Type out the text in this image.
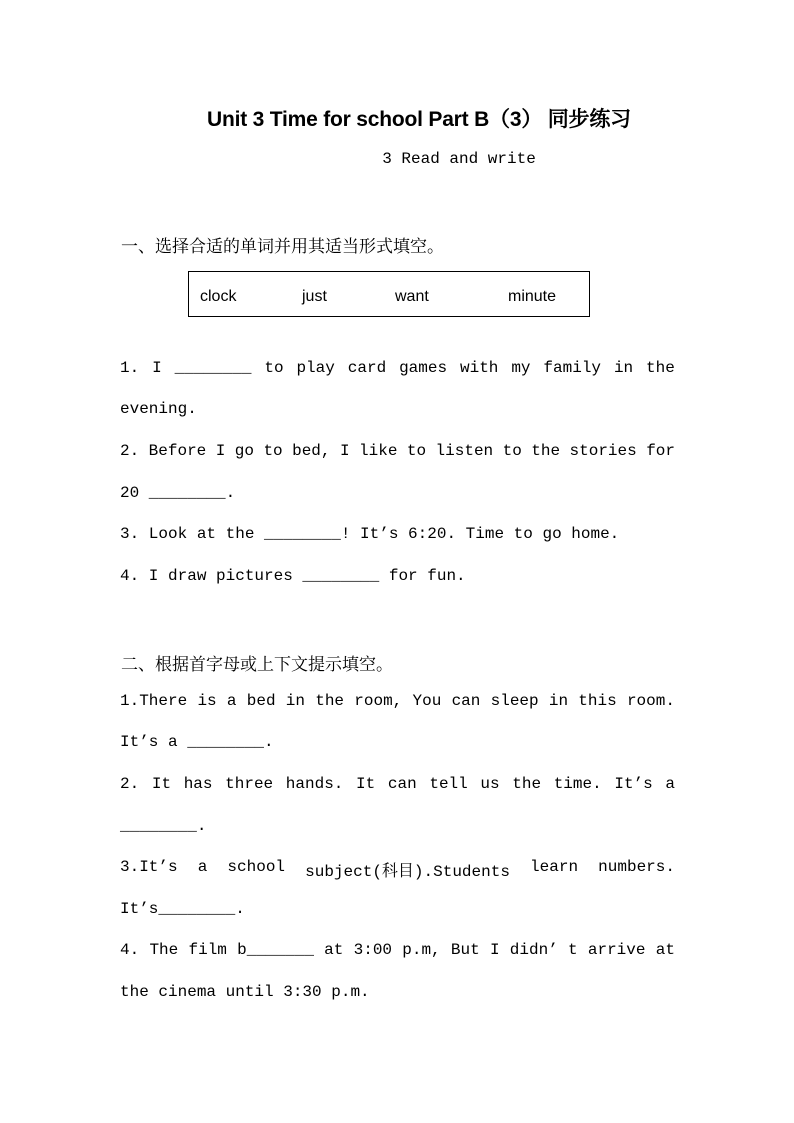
Unit 3 Time for school Part B（3） 同步练习
3 Read and write
一、选择合适的单词并用其适当形式填空。
clock	just	want	minute
1. I ________ to play card games with my family in the
evening.
2. Before I go to bed, I like to listen to the stories for
20 ________.
3. Look at the ________! It’s 6:20. Time to go home.
4. I draw pictures ________ for fun.
二、根据首字母或上下文提示填空。
1.There is a bed in the room, You can sleep in this room.
It’s a ________.
2. It has three hands. It can tell us the time. It’s a
________.
3.It’s a school subject(科目).Students learn numbers.
It’s________.
4. The film b_______ at 3:00 p.m, But I didn’ t arrive at
the cinema until 3:30 p.m.
